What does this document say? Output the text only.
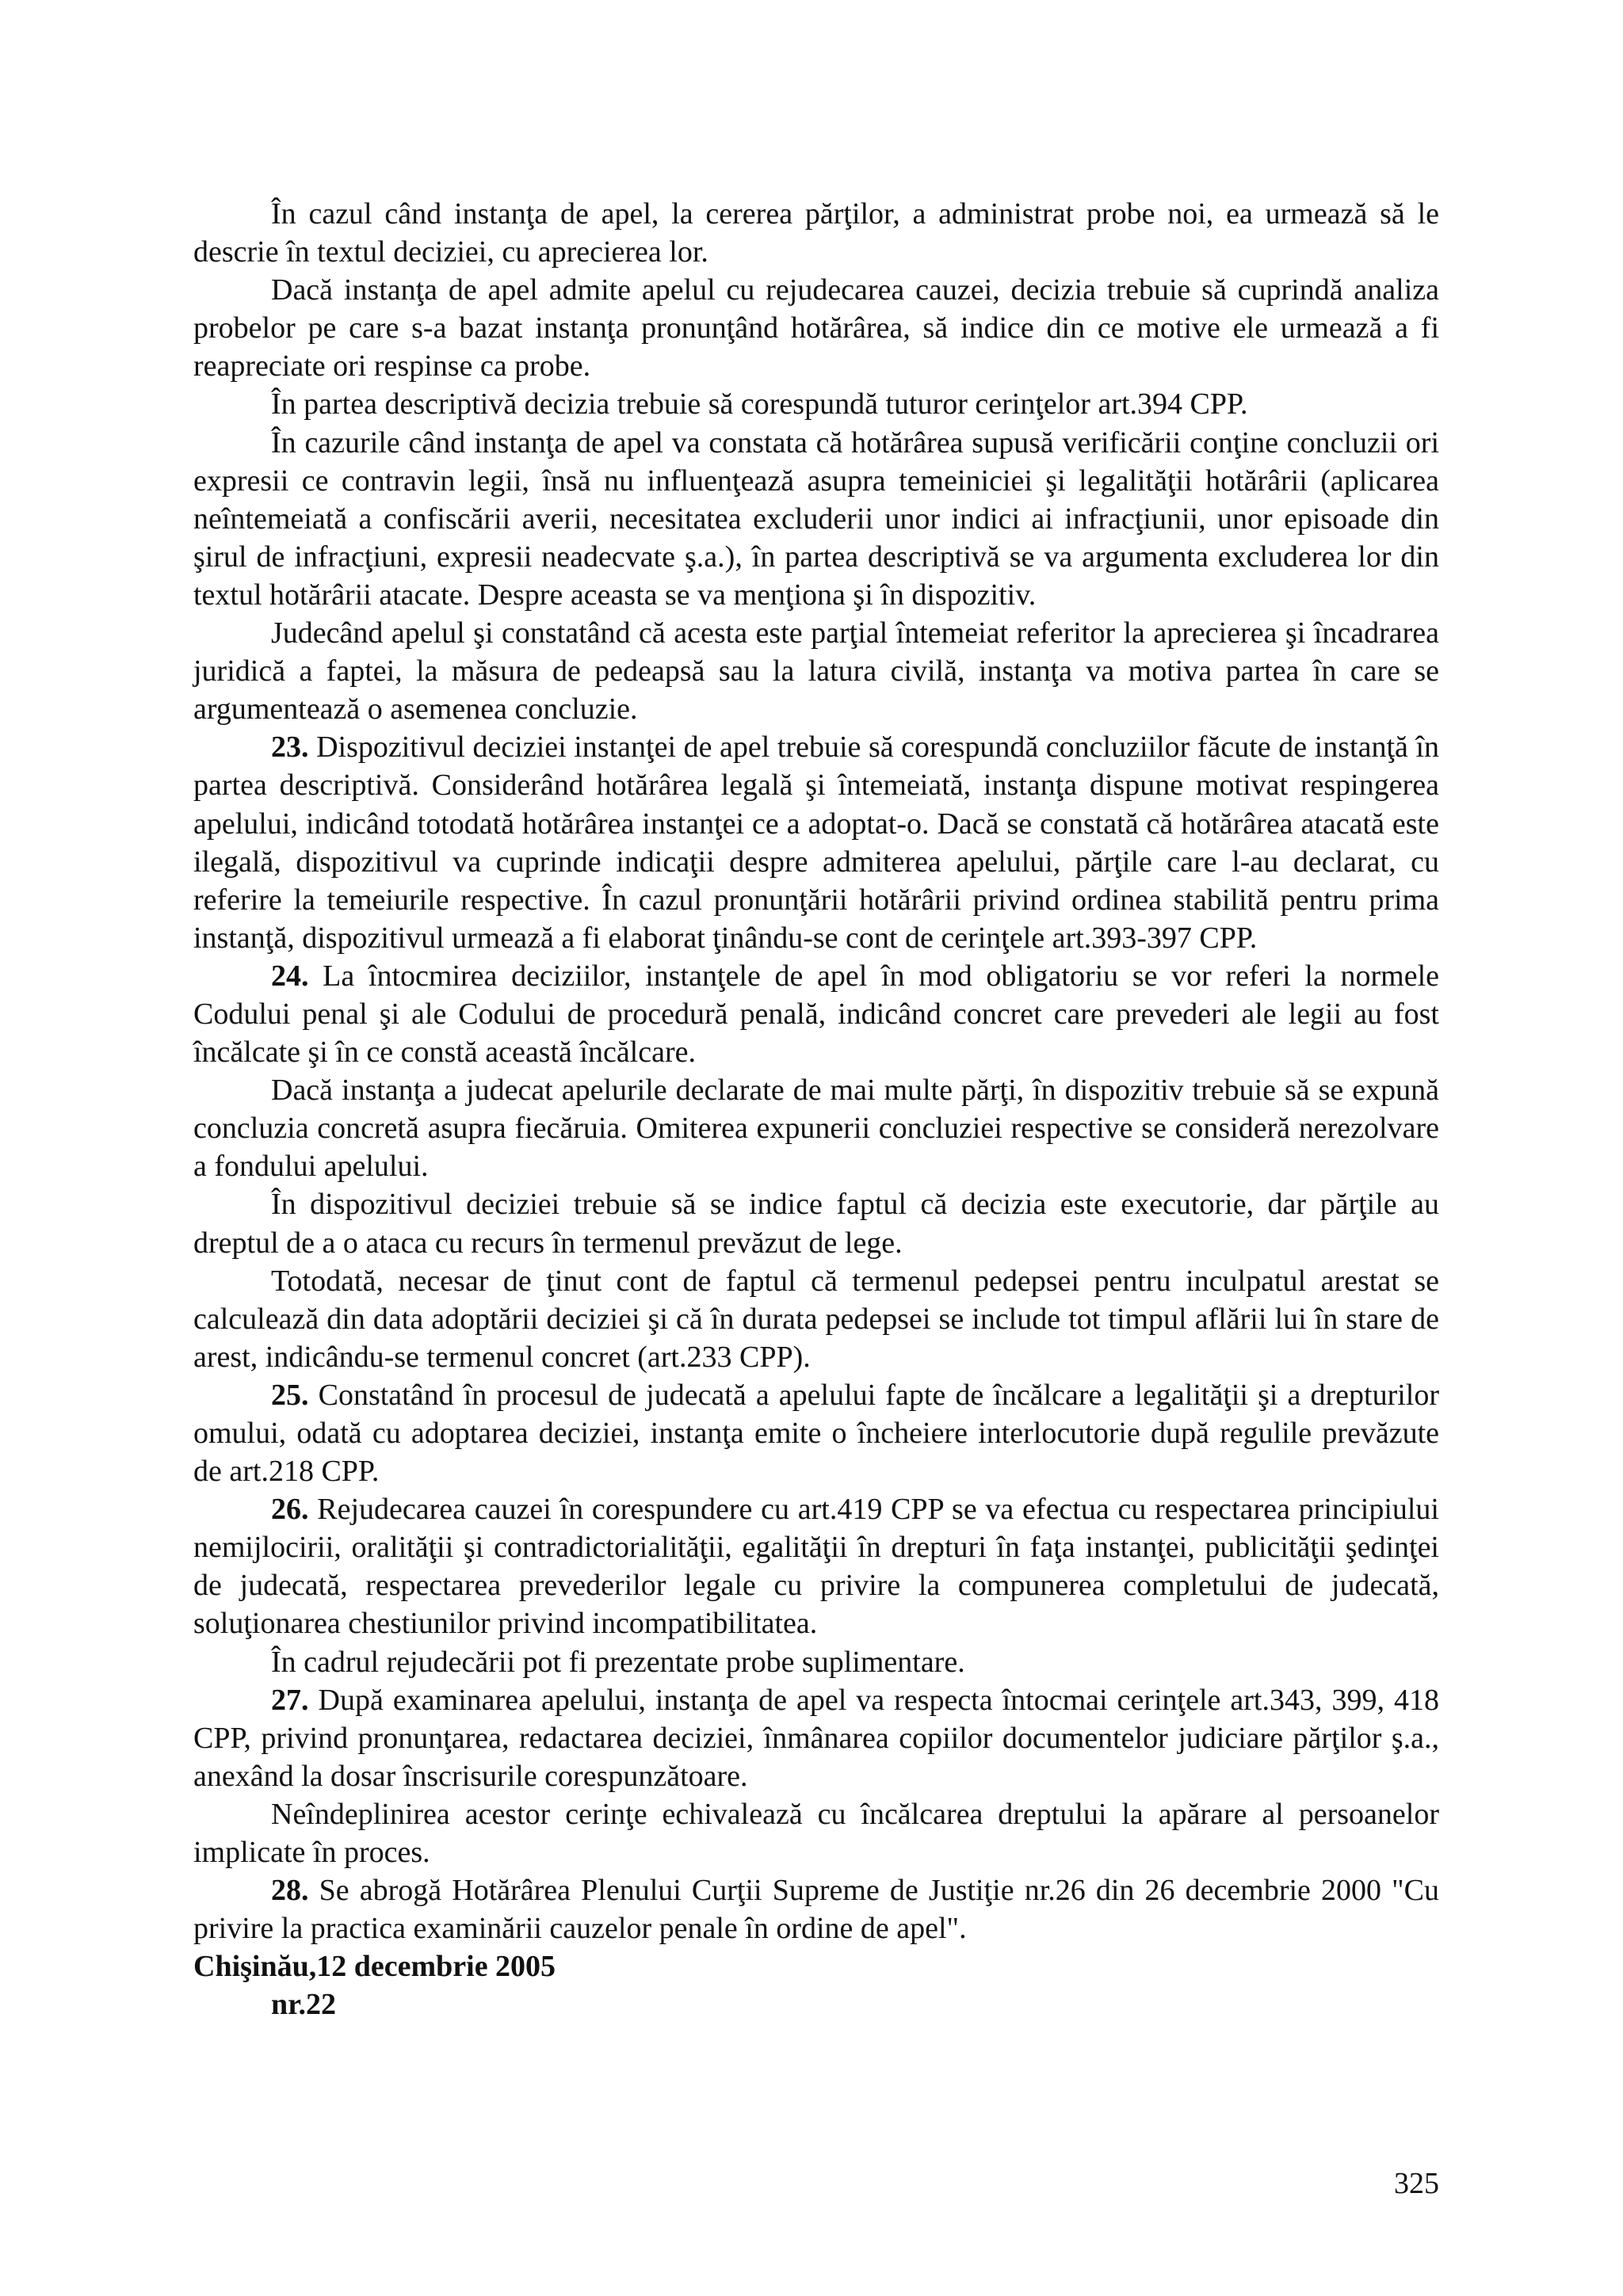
În cazul când instanţa de apel, la cererea părţilor, a administrat probe noi, ea urmează să le descrie în textul deciziei, cu aprecierea lor.

Dacă instanţa de apel admite apelul cu rejudecarea cauzei, decizia trebuie să cuprindă analiza probelor pe care s-a bazat instanţa pronunţând hotărârea, să indice din ce motive ele urmează a fi reapreciate ori respinse ca probe.

În partea descriptivă decizia trebuie să corespundă tuturor cerinţelor art.394 CPP.

În cazurile când instanţa de apel va constata că hotărârea supusă verificării conţine concluzii ori expresii ce contravin legii, însă nu influenţează asupra temeiniciei şi legalităţii hotărârii (aplicarea neîntemeiată a confiscării averii, necesitatea excluderii unor indici ai infracţiunii, unor episoade din şirul de infracţiuni, expresii neadecvate ş.a.), în partea descriptivă se va argumenta excluderea lor din textul hotărârii atacate. Despre aceasta se va menţiona şi în dispozitiv.

Judecând apelul şi constatând că acesta este parţial întemeiat referitor la aprecierea şi încadrarea juridică a faptei, la măsura de pedeapsă sau la latura civilă, instanţa va motiva partea în care se argumentează o asemenea concluzie.

23. Dispozitivul deciziei instanţei de apel trebuie să corespundă concluziilor făcute de instanţă în partea descriptivă. Considerând hotărârea legală şi întemeiată, instanţa dispune motivat respingerea apelului, indicând totodată hotărârea instanţei ce a adoptat-o. Dacă se constată că hotărârea atacată este ilegală, dispozitivul va cuprinde indicaţii despre admiterea apelului, părţile care l-au declarat, cu referire la temeiurile respective. În cazul pronunţării hotărârii privind ordinea stabilită pentru prima instanţă, dispozitivul urmează a fi elaborat ţinându-se cont de cerinţele art.393-397 CPP.

24. La întocmirea deciziilor, instanţele de apel în mod obligatoriu se vor referi la normele Codului penal şi ale Codului de procedură penală, indicând concret care prevederi ale legii au fost încălcate şi în ce constă această încălcare.

Dacă instanţa a judecat apelurile declarate de mai multe părţi, în dispozitiv trebuie să se expună concluzia concretă asupra fiecăruia. Omiterea expunerii concluziei respective se consideră nerezolvare a fondului apelului.

În dispozitivul deciziei trebuie să se indice faptul că decizia este executorie, dar părţile au dreptul de a o ataca cu recurs în termenul prevăzut de lege.

Totodată, necesar de ţinut cont de faptul că termenul pedepsei pentru inculpatul arestat se calculează din data adoptării deciziei şi că în durata pedepsei se include tot timpul aflării lui în stare de arest, indicându-se termenul concret (art.233 CPP).

25. Constatând în procesul de judecată a apelului fapte de încălcare a legalităţii şi a drepturilor omului, odată cu adoptarea deciziei, instanţa emite o încheiere interlocutorie după regulile prevăzute de art.218 CPP.

26. Rejudecarea cauzei în corespundere cu art.419 CPP se va efectua cu respectarea principiului nemijlocirii, oralităţii şi contradictorialităţii, egalităţii în drepturi în faţa instanţei, publicităţii şedinţei de judecată, respectarea prevederilor legale cu privire la compunerea completului de judecată, soluţionarea chestiunilor privind incompatibilitatea.

În cadrul rejudecării pot fi prezentate probe suplimentare.

27. După examinarea apelului, instanţa de apel va respecta întocmai cerinţele art.343, 399, 418 CPP, privind pronunţarea, redactarea deciziei, înmânarea copiilor documentelor judiciare părţilor ş.a., anexând la dosar înscrisurile corespunzătoare.

Neîndeplinirea acestor cerinţe echivalează cu încălcarea dreptului la apărare al persoanelor implicate în proces.

28. Se abrogă Hotărârea Plenului Curţii Supreme de Justiţie nr.26 din 26 decembrie 2000 "Cu privire la practica examinării cauzelor penale în ordine de apel".

Chişinău,12 decembrie 2005

nr.22

325
